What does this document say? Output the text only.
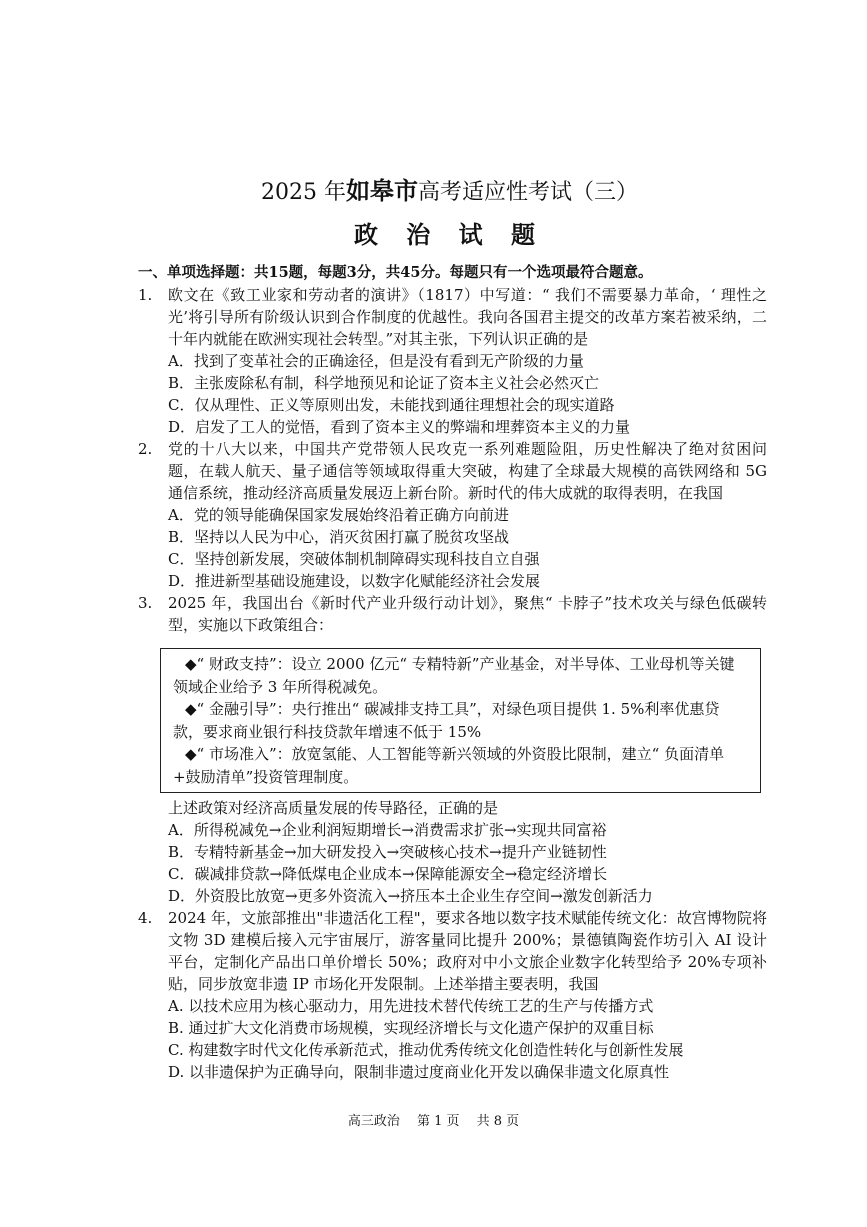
2025 年如皋市高考适应性考试（三）
政 治 试 题
一、单项选择题：共15题，每题3分，共45分。每题只有一个选项最符合题意。
1. 欧文在《致工业家和劳动者的演讲》（1817）中写道：“ 我们不需要暴力革命，‘ 理性之光’将引导所有阶级认识到合作制度的优越性。我向各国君主提交的改革方案若被采纳，二十年内就能在欧洲实现社会转型。”对其主张，下列认识正确的是
A．找到了变革社会的正确途径，但是没有看到无产阶级的力量
B．主张废除私有制，科学地预见和论证了资本主义社会必然灭亡
C．仅从理性、正义等原则出发，未能找到通往理想社会的现实道路
D．启发了工人的觉悟，看到了资本主义的弊端和埋葬资本主义的力量
2. 党的十八大以来，中国共产党带领人民攻克一系列难题险阻，历史性解决了绝对贫困问题，在载人航天、量子通信等领域取得重大突破，构建了全球最大规模的高铁网络和 5G 通信系统，推动经济高质量发展迈上新台阶。新时代的伟大成就的取得表明，在我国
A．党的领导能确保国家发展始终沿着正确方向前进
B．坚持以人民为中心，消灭贫困打赢了脱贫攻坚战
C．坚持创新发展，突破体制机制障碍实现科技自立自强
D．推进新型基础设施建设，以数字化赋能经济社会发展
3. 2025 年，我国出台《新时代产业升级行动计划》，聚焦“ 卡脖子”技术攻关与绿色低碳转型，实施以下政策组合：

◆“ 财政支持”：设立 2000 亿元“ 专精特新”产业基金，对半导体、工业母机等关键领域企业给予 3 年所得税减免。

◆“ 金融引导”：央行推出“ 碳减排支持工具”，对绿色项目提供 1. 5%利率优惠贷款，要求商业银行科技贷款年增速不低于 15%

◆“ 市场准入”：放宽氢能、人工智能等新兴领域的外资股比限制，建立“ 负面清单+鼓励清单”投资管理制度。

上述政策对经济高质量发展的传导路径，正确的是
A．所得税减免→企业利润短期增长→消费需求扩张→实现共同富裕
B．专精特新基金→加大研发投入→突破核心技术→提升产业链韧性
C．碳减排贷款→降低煤电企业成本→保障能源安全→稳定经济增长
D．外资股比放宽→更多外资流入→挤压本土企业生存空间→激发创新活力
4. 2024 年，文旅部推出"非遗活化工程"，要求各地以数字技术赋能传统文化：故宫博物院将文物 3D 建模后接入元宇宙展厅，游客量同比提升 200%；景德镇陶瓷作坊引入 AI 设计平台，定制化产品出口单价增长 50%；政府对中小文旅企业数字化转型给予 20%专项补贴，同步放宽非遗 IP 市场化开发限制。上述举措主要表明，我国
A. 以技术应用为核心驱动力，用先进技术替代传统工艺的生产与传播方式
B. 通过扩大文化消费市场规模，实现经济增长与文化遗产保护的双重目标
C. 构建数字时代文化传承新范式，推动优秀传统文化创造性转化与创新性发展
D. 以非遗保护为正确导向，限制非遗过度商业化开发以确保非遗文化原真性
高三政治　 第 1 页　 共 8 页
